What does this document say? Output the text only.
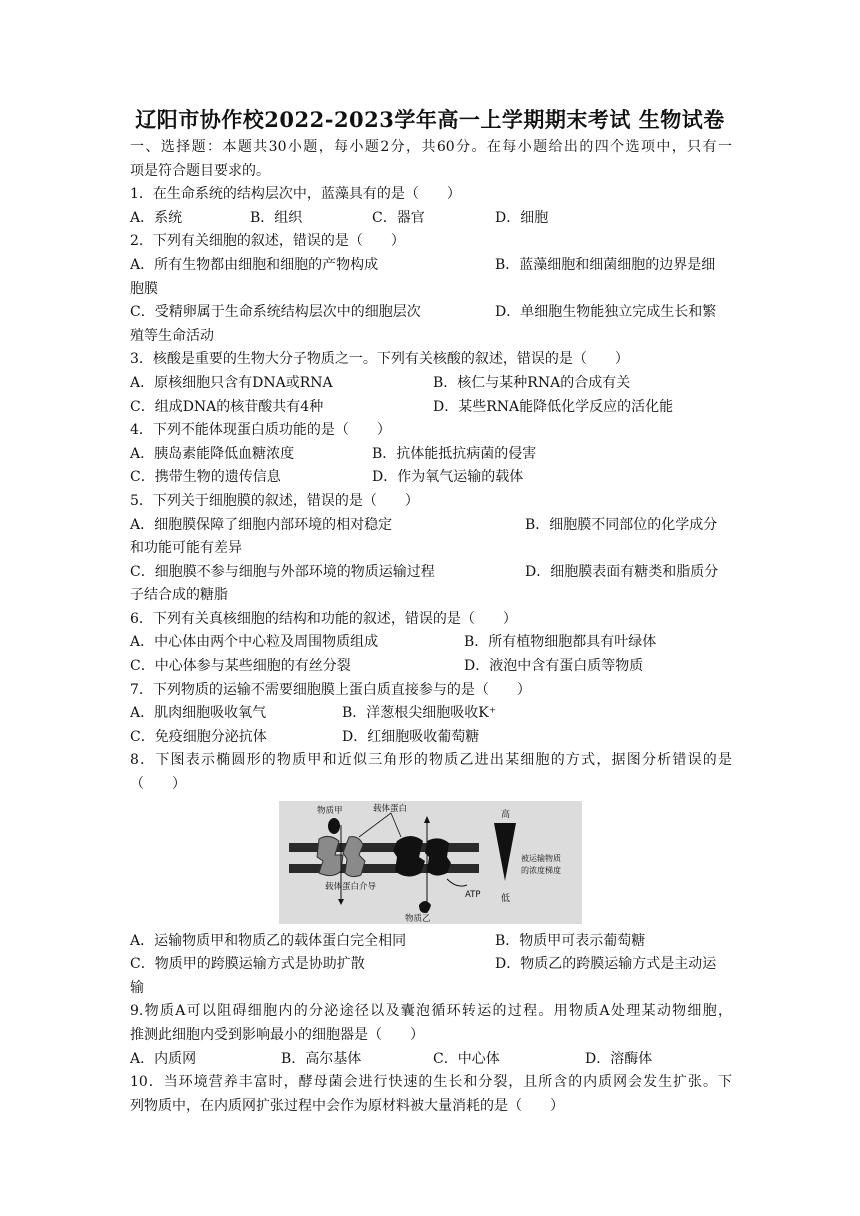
辽阳市协作校2022-2023学年高一上学期期末考试 生物试卷
一、选择题：本题共30小题，每小题2分，共60分。在每小题给出的四个选项中，只有一
项是符合题目要求的。
1．在生命系统的结构层次中，蓝藻具有的是（　　）
A．系统	B．组织	C．器官	D．细胞
2．下列有关细胞的叙述，错误的是（　　）
A．所有生物都由细胞和细胞的产物构成	B．蓝藻细胞和细菌细胞的边界是细
胞膜
C．受精卵属于生命系统结构层次中的细胞层次	D．单细胞生物能独立完成生长和繁
殖等生命活动
3．核酸是重要的生物大分子物质之一。下列有关核酸的叙述，错误的是（　　）
A．原核细胞只含有DNA或RNA	B．核仁与某种RNA的合成有关
C．组成DNA的核苷酸共有4种	D．某些RNA能降低化学反应的活化能
4．下列不能体现蛋白质功能的是（　　）
A．胰岛素能降低血糖浓度	B．抗体能抵抗病菌的侵害
C．携带生物的遗传信息	D．作为氧气运输的载体
5．下列关于细胞膜的叙述，错误的是（　　）
A．细胞膜保障了细胞内部环境的相对稳定	B．细胞膜不同部位的化学成分
和功能可能有差异
C．细胞膜不参与细胞与外部环境的物质运输过程	D．细胞膜表面有糖类和脂质分
子结合成的糖脂
6．下列有关真核细胞的结构和功能的叙述，错误的是（　　）
A．中心体由两个中心粒及周围物质组成	B．所有植物细胞都具有叶绿体
C．中心体参与某些细胞的有丝分裂	D．液泡中含有蛋白质等物质
7．下列物质的运输不需要细胞膜上蛋白质直接参与的是（　　）
A．肌肉细胞吸收氧气	B．洋葱根尖细胞吸收K⁺
C．免疫细胞分泌抗体	D．红细胞吸收葡萄糖
8．下图表示椭圆形的物质甲和近似三角形的物质乙进出某细胞的方式，据图分析错误的是
（　　）
物质甲	载体蛋白
高
被运输物质
的浓度梯度
载体蛋白介导
ATP 低
物质乙
A．运输物质甲和物质乙的载体蛋白完全相同	B．物质甲可表示葡萄糖
C．物质甲的跨膜运输方式是协助扩散	D．物质乙的跨膜运输方式是主动运
输
9.物质A可以阻碍细胞内的分泌途径以及囊泡循环转运的过程。用物质A处理某动物细胞，
推测此细胞内受到影响最小的细胞器是（　　）
A．内质网	B．高尔基体	C．中心体	D．溶酶体
10．当环境营养丰富时，酵母菌会进行快速的生长和分裂，且所含的内质网会发生扩张。下
列物质中，在内质网扩张过程中会作为原材料被大量消耗的是（　　）
